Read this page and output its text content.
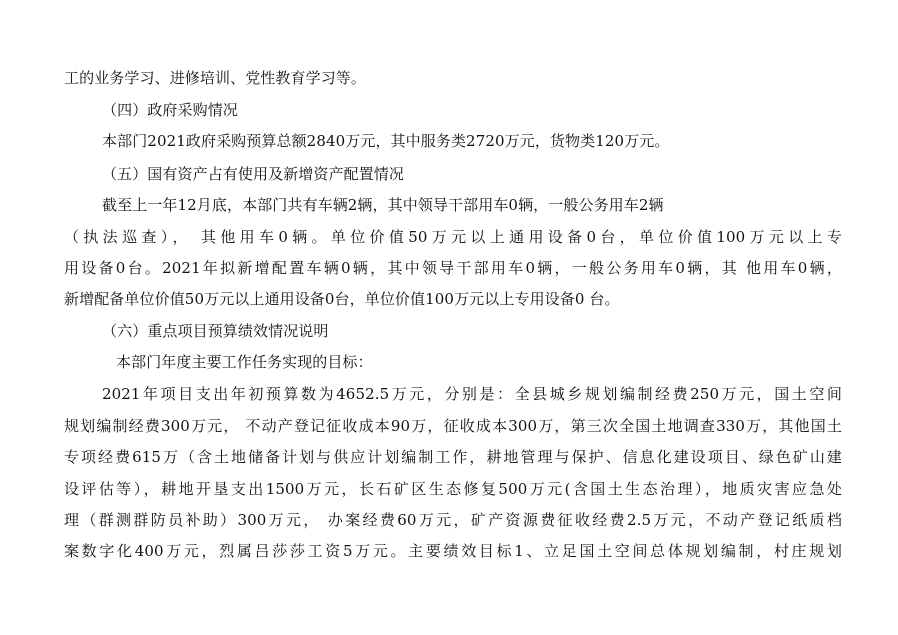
工的业务学习、进修培训、党性教育学习等。
（四）政府采购情况
本部门2021政府采购预算总额2840万元，其中服务类2720万元，货物类120万元。
（五）国有资产占有使用及新增资产配置情况
截至上一年12月底，本部门共有车辆2辆，其中领导干部用车0辆，一般公务用车2辆
（执法巡查）， 其他用车0辆。单位价值50万元以上通用设备0台，单位价值100万元以上专
用设备0台。2021年拟新增配置车辆0辆，其中领导干部用车0辆，一般公务用车0辆，其 他用车0辆，
新增配备单位价值50万元以上通用设备0台，单位价值100万元以上专用设备0 台。
（六）重点项目预算绩效情况说明
本部门年度主要工作任务实现的目标：
2021年项目支出年初预算数为4652.5万元，分别是：全县城乡规划编制经费250万元，国土空间
规划编制经费300万元， 不动产登记征收成本90万，征收成本300万，第三次全国土地调查330万，其他国土
专项经费615万（含土地储备计划与供应计划编制工作，耕地管理与保护、信息化建设项目、绿色矿山建
设评估等），耕地开垦支出1500万元，长石矿区生态修复500万元(含国土生态治理），地质灾害应急处
理（群测群防员补助）300万元， 办案经费60万元，矿产资源费征收经费2.5万元，不动产登记纸质档
案数字化400万元，烈属吕莎莎工资5万元。主要绩效目标1、立足国土空间总体规划编制，村庄规划
